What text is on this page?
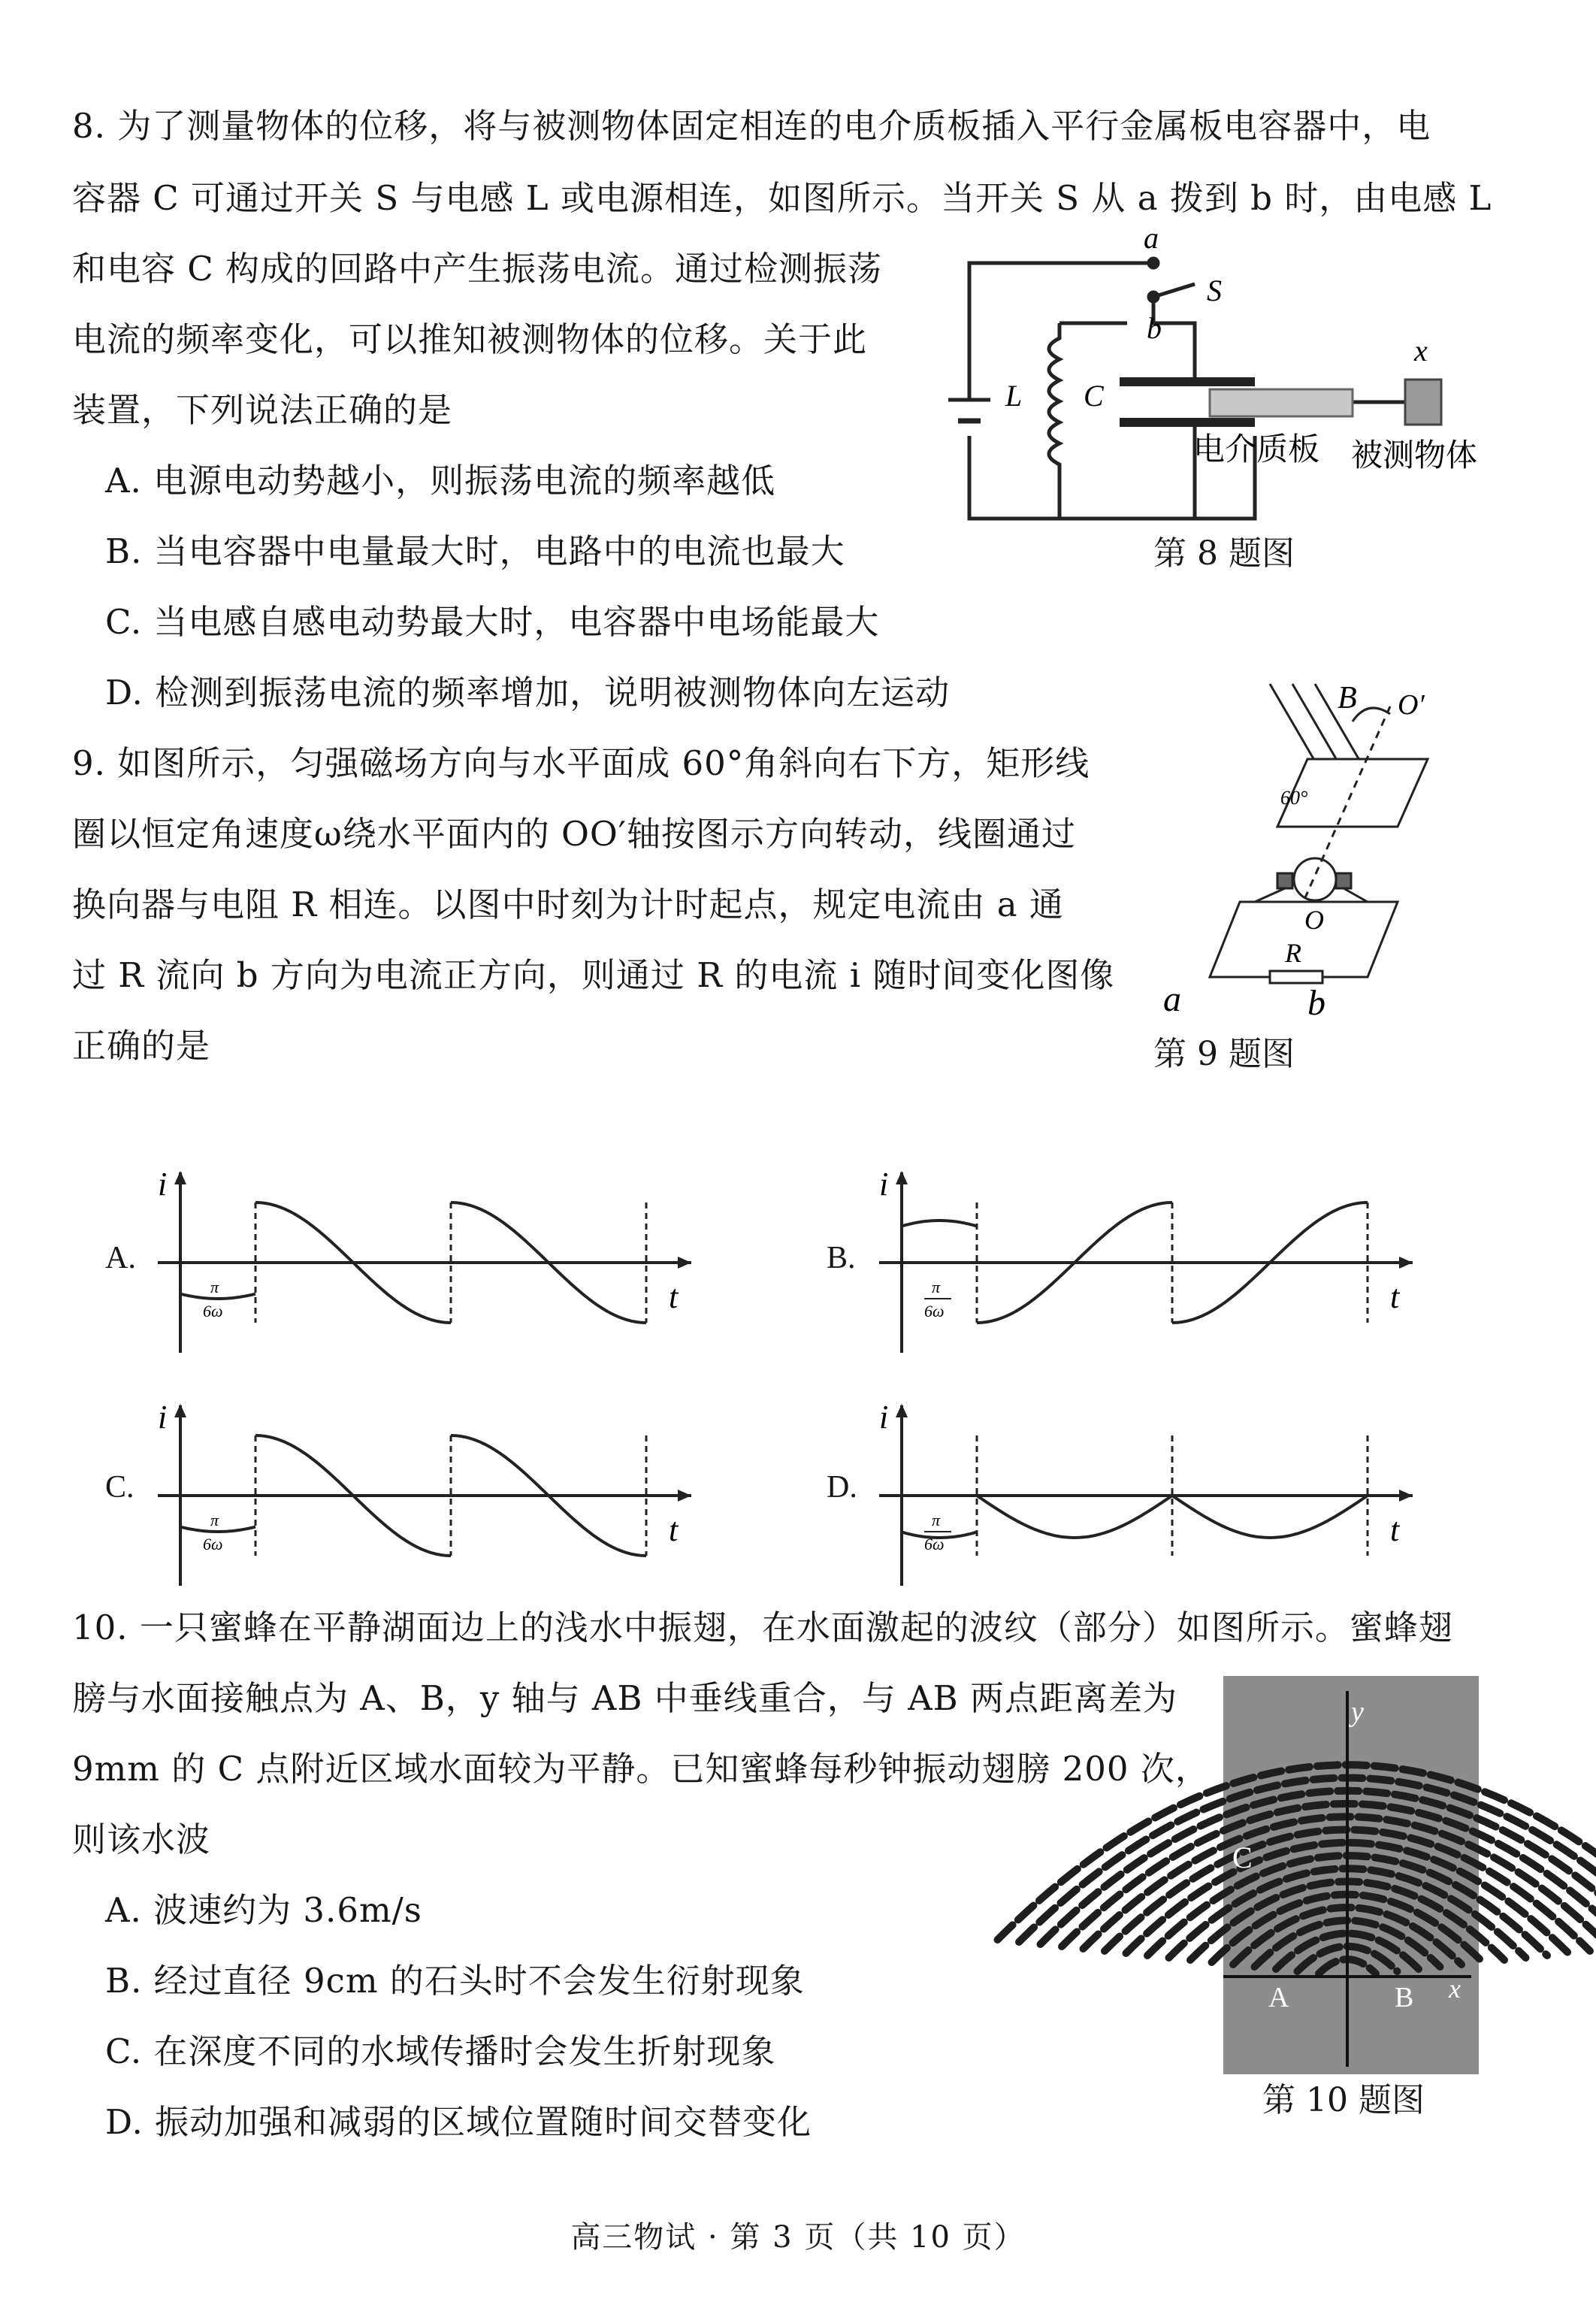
8. 为了测量物体的位移，将与被测物体固定相连的电介质板插入平行金属板电容器中，电
容器 C 可通过开关 S 与电感 L 或电源相连，如图所示。当开关 S 从 a 拨到 b 时，由电感 L
和电容 C 构成的回路中产生振荡电流。通过检测振荡
电流的频率变化，可以推知被测物体的位移。关于此
装置，下列说法正确的是
A. 电源电动势越小，则振荡电流的频率越低
B. 当电容器中电量最大时，电路中的电流也最大
C. 当电感自感电动势最大时，电容器中电场能最大
D. 检测到振荡电流的频率增加，说明被测物体向左运动
a
S
b
L C
x
电介质板 被测物体
第 8 题图
9. 如图所示，匀强磁场方向与水平面成 60°角斜向右下方，矩形线
圈以恒定角速度ω绕水平面内的 OO′轴按图示方向转动，线圈通过
换向器与电阻 R 相连。以图中时刻为计时起点，规定电流由 a 通
过 R 流向 b 方向为电流正方向，则通过 R 的电流 i 随时间变化图像
正确的是
B O′
60°
O
R
a	b
第 9 题图
A.	B.
C.	D.
i
t
π
6ω
i
t
π
6ω
i
t
π
6ω
i
t
π
6ω
10. 一只蜜蜂在平静湖面边上的浅水中振翅，在水面激起的波纹（部分）如图所示。蜜蜂翅
膀与水面接触点为 A、B，y 轴与 AB 中垂线重合，与 AB 两点距离差为
9mm 的 C 点附近区域水面较为平静。已知蜜蜂每秒钟振动翅膀 200 次，
则该水波
A. 波速约为 3.6m/s
B. 经过直径 9cm 的石头时不会发生衍射现象
C. 在深度不同的水域传播时会发生折射现象
D. 振动加强和减弱的区域位置随时间交替变化
y
C
A	B x
第 10 题图
高三物试 · 第 3 页（共 10 页）
